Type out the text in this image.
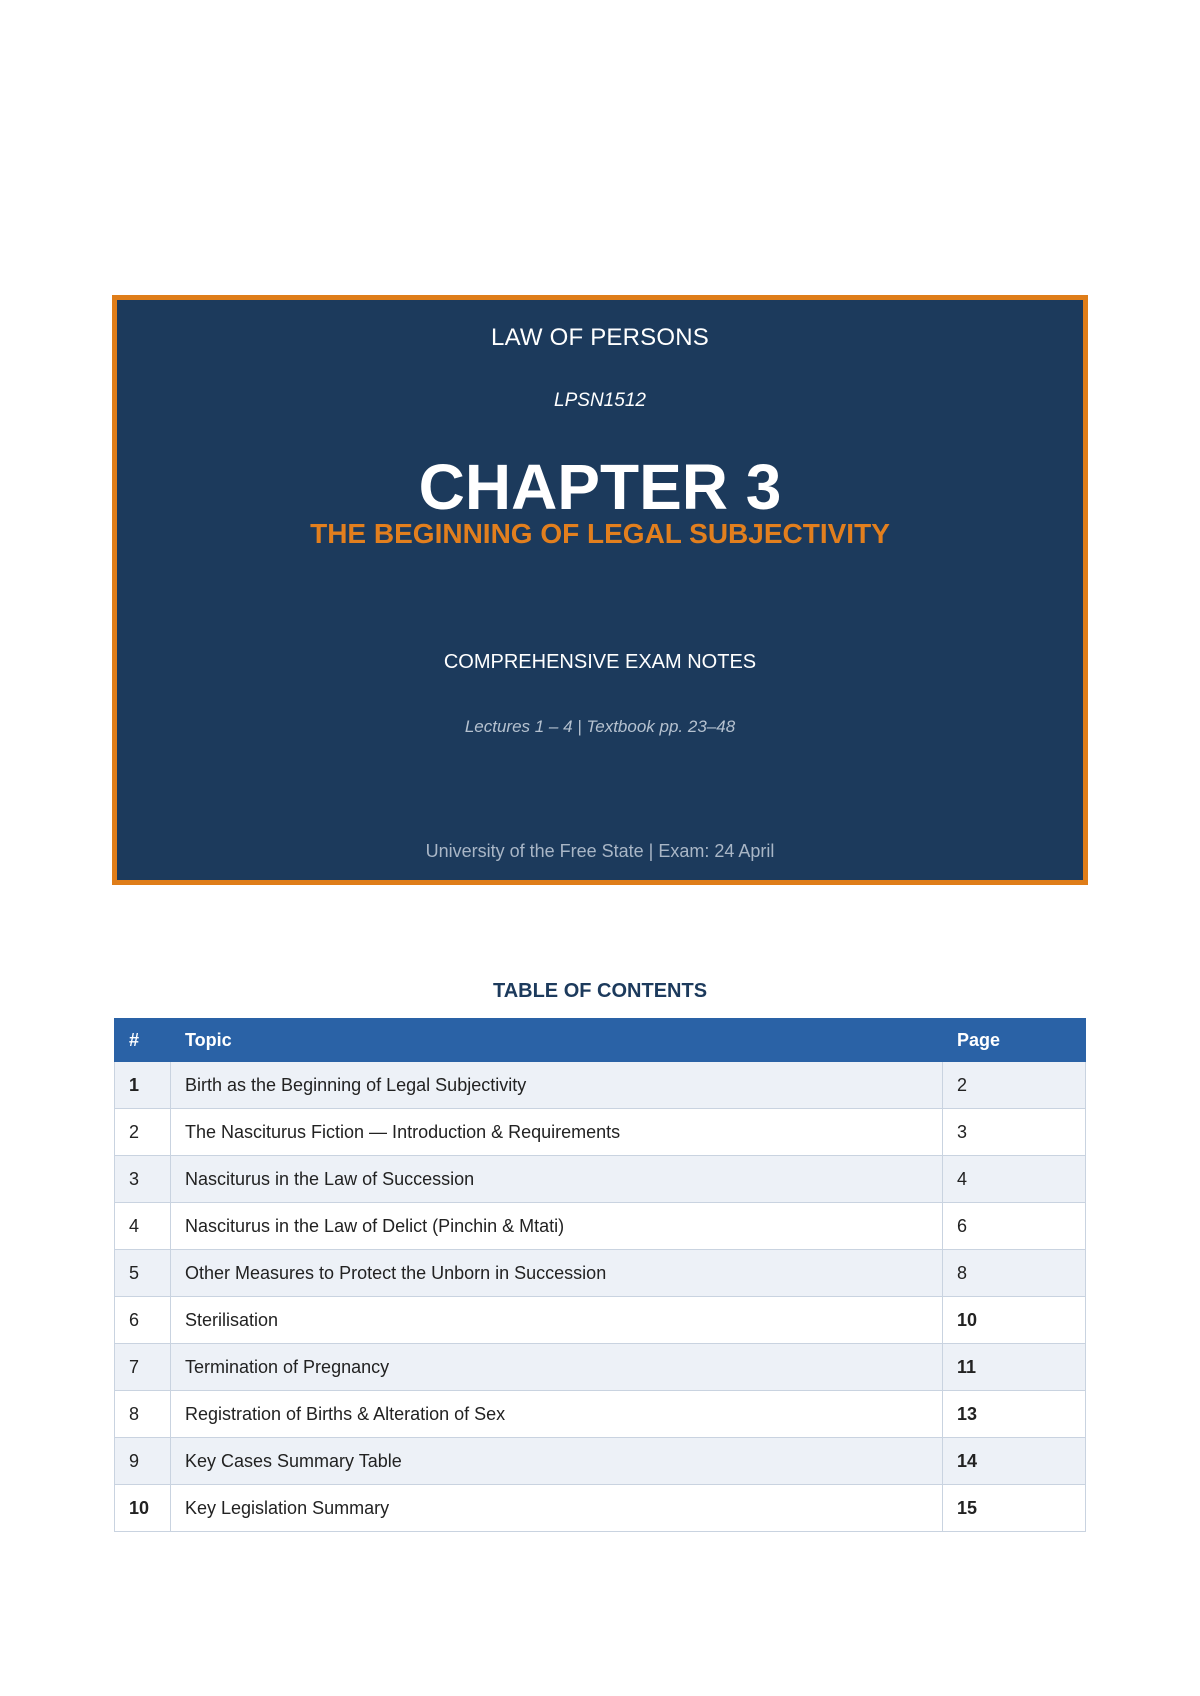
LAW OF PERSONS
LPSN1512
CHAPTER 3
THE BEGINNING OF LEGAL SUBJECTIVITY
COMPREHENSIVE EXAM NOTES
Lectures 1 – 4 | Textbook pp. 23–48
University of the Free State | Exam: 24 April
TABLE OF CONTENTS
#	Topic	Page
1	Birth as the Beginning of Legal Subjectivity	2
2	The Nasciturus Fiction — Introduction & Requirements	3
3	Nasciturus in the Law of Succession	4
4	Nasciturus in the Law of Delict (Pinchin & Mtati)	6
5	Other Measures to Protect the Unborn in Succession	8
6	Sterilisation	10
7	Termination of Pregnancy	11
8	Registration of Births & Alteration of Sex	13
9	Key Cases Summary Table	14
10	Key Legislation Summary	15
